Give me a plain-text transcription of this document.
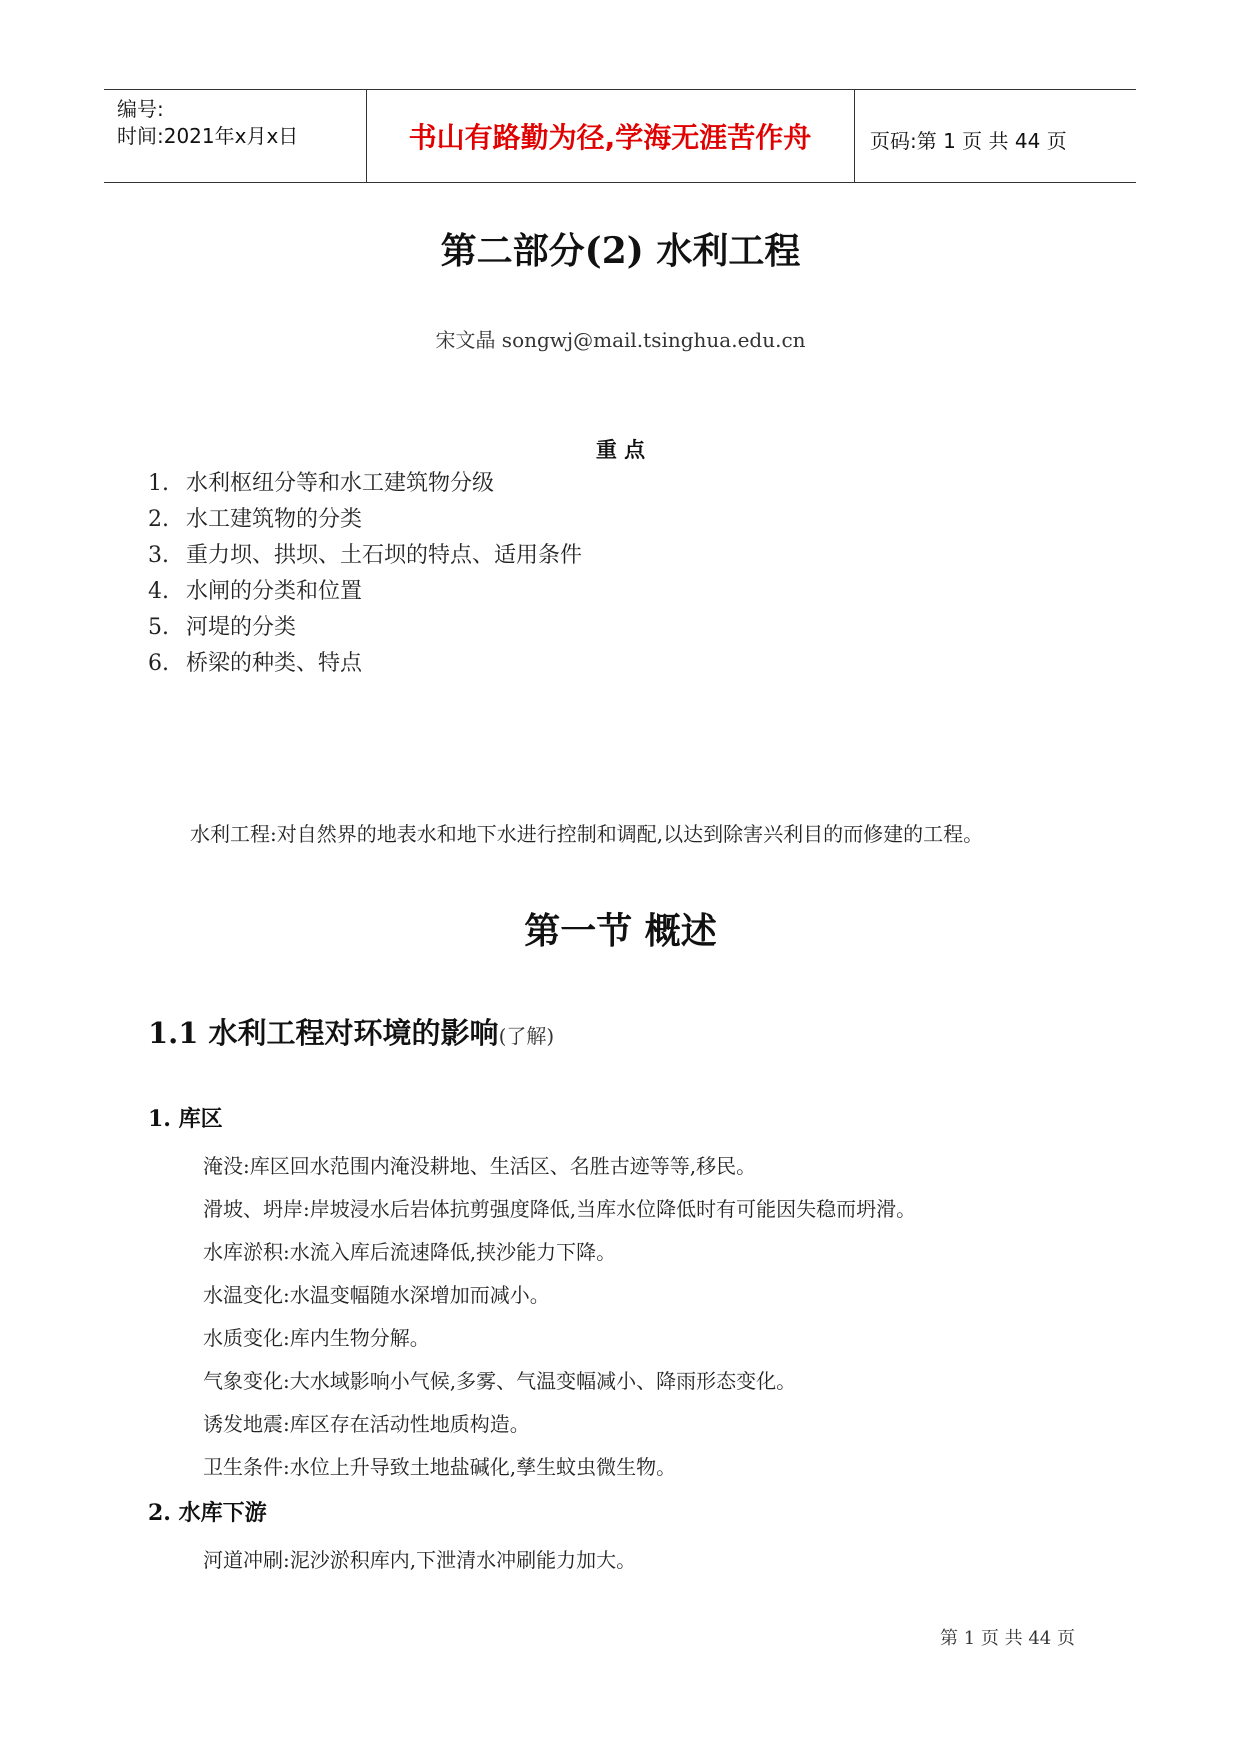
编号:
时间:2021年x月x日	书山有路勤为径,学海无涯苦作舟	页码:第 1 页 共 44 页
第二部分(2) 水利工程
宋文晶 songwj@mail.tsinghua.edu.cn
重 点
1. 水利枢纽分等和水工建筑物分级
2. 水工建筑物的分类
3. 重力坝、拱坝、土石坝的特点、适用条件
4. 水闸的分类和位置
5. 河堤的分类
6. 桥梁的种类、特点
水利工程:对自然界的地表水和地下水进行控制和调配,以达到除害兴利目的而修建的工程。
第一节 概述
1.1 水利工程对环境的影响(了解)
1. 库区
淹没:库区回水范围内淹没耕地、生活区、名胜古迹等等,移民。
滑坡、坍岸:岸坡浸水后岩体抗剪强度降低,当库水位降低时有可能因失稳而坍滑。
水库淤积:水流入库后流速降低,挟沙能力下降。
水温变化:水温变幅随水深增加而减小。
水质变化:库内生物分解。
气象变化:大水域影响小气候,多雾、气温变幅减小、降雨形态变化。
诱发地震:库区存在活动性地质构造。
卫生条件:水位上升导致土地盐碱化,孳生蚊虫微生物。
2. 水库下游
河道冲刷:泥沙淤积库内,下泄清水冲刷能力加大。
第 1 页 共 44 页
